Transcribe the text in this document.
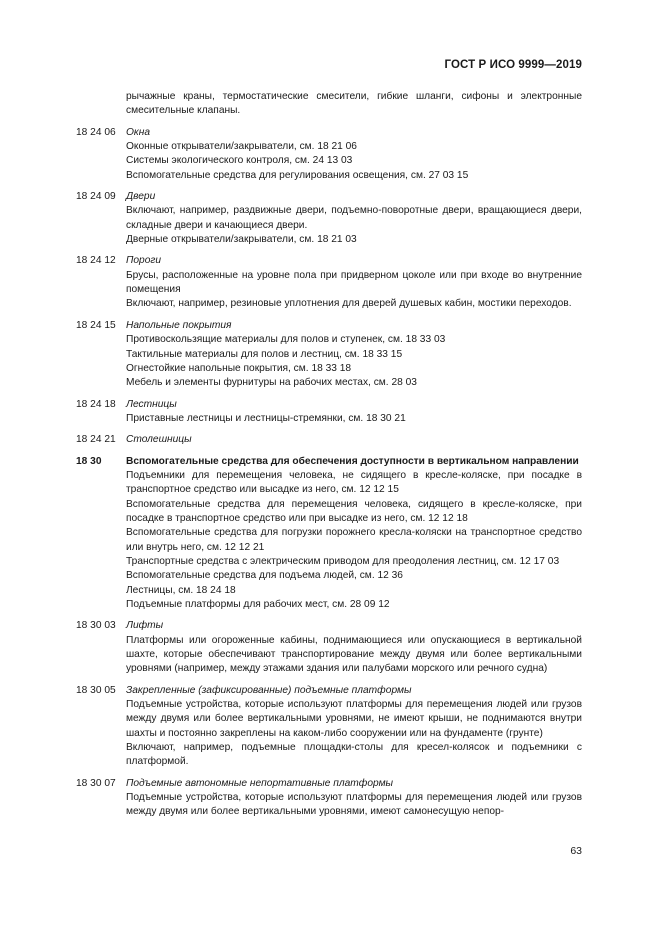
ГОСТ Р ИСО 9999—2019
рычажные краны, термостатические смесители, гибкие шланги, сифоны и электронные смесительные клапаны.
18 24 06	Окна
Оконные открыватели/закрыватели, см. 18 21 06
Системы экологического контроля, см. 24 13 03
Вспомогательные средства для регулирования освещения, см. 27 03 15
18 24 09	Двери
Включают, например, раздвижные двери, подъемно-поворотные двери, вращающиеся двери, складные двери и качающиеся двери.
Дверные открыватели/закрыватели, см. 18 21 03
18 24 12	Пороги
Брусы, расположенные на уровне пола при придверном цоколе или при входе во внутренние помещения
Включают, например, резиновые уплотнения для дверей душевых кабин, мостики переходов.
18 24 15	Напольные покрытия
Противоскользящие материалы для полов и ступенек, см. 18 33 03
Тактильные материалы для полов и лестниц, см. 18 33 15
Огнестойкие напольные покрытия, см. 18 33 18
Мебель и элементы фурнитуры на рабочих местах, см. 28 03
18 24 18	Лестницы
Приставные лестницы и лестницы-стремянки, см. 18 30 21
18 24 21	Столешницы
18 30	Вспомогательные средства для обеспечения доступности в вертикальном направлении
Подъемники для перемещения человека, не сидящего в кресле-коляске, при посадке в транспортное средство или высадке из него, см. 12 12 15
Вспомогательные средства для перемещения человека, сидящего в кресле-коляске, при посадке в транспортное средство или при высадке из него, см. 12 12 18
Вспомогательные средства для погрузки порожнего кресла-коляски на транспортное средство или внутрь него, см. 12 12 21
Транспортные средства с электрическим приводом для преодоления лестниц, см. 12 17 03
Вспомогательные средства для подъема людей, см. 12 36
Лестницы, см. 18 24 18
Подъемные платформы для рабочих мест, см. 28 09 12
18 30 03	Лифты
Платформы или огороженные кабины, поднимающиеся или опускающиеся в вертикальной шахте, которые обеспечивают транспортирование между двумя или более вертикальными уровнями (например, между этажами здания или палубами морского или речного судна)
18 30 05	Закрепленные (зафиксированные) подъемные платформы
Подъемные устройства, которые используют платформы для перемещения людей или грузов между двумя или более вертикальными уровнями, не имеют крыши, не поднимаются внутри шахты и постоянно закреплены на каком-либо сооружении или на фундаменте (грунте)
Включают, например, подъемные площадки-столы для кресел-колясок и подъемники с платформой.
18 30 07	Подъемные автономные непортативные платформы
Подъемные устройства, которые используют платформы для перемещения людей или грузов между двумя или более вертикальными уровнями, имеют самонесущую непор-
63
